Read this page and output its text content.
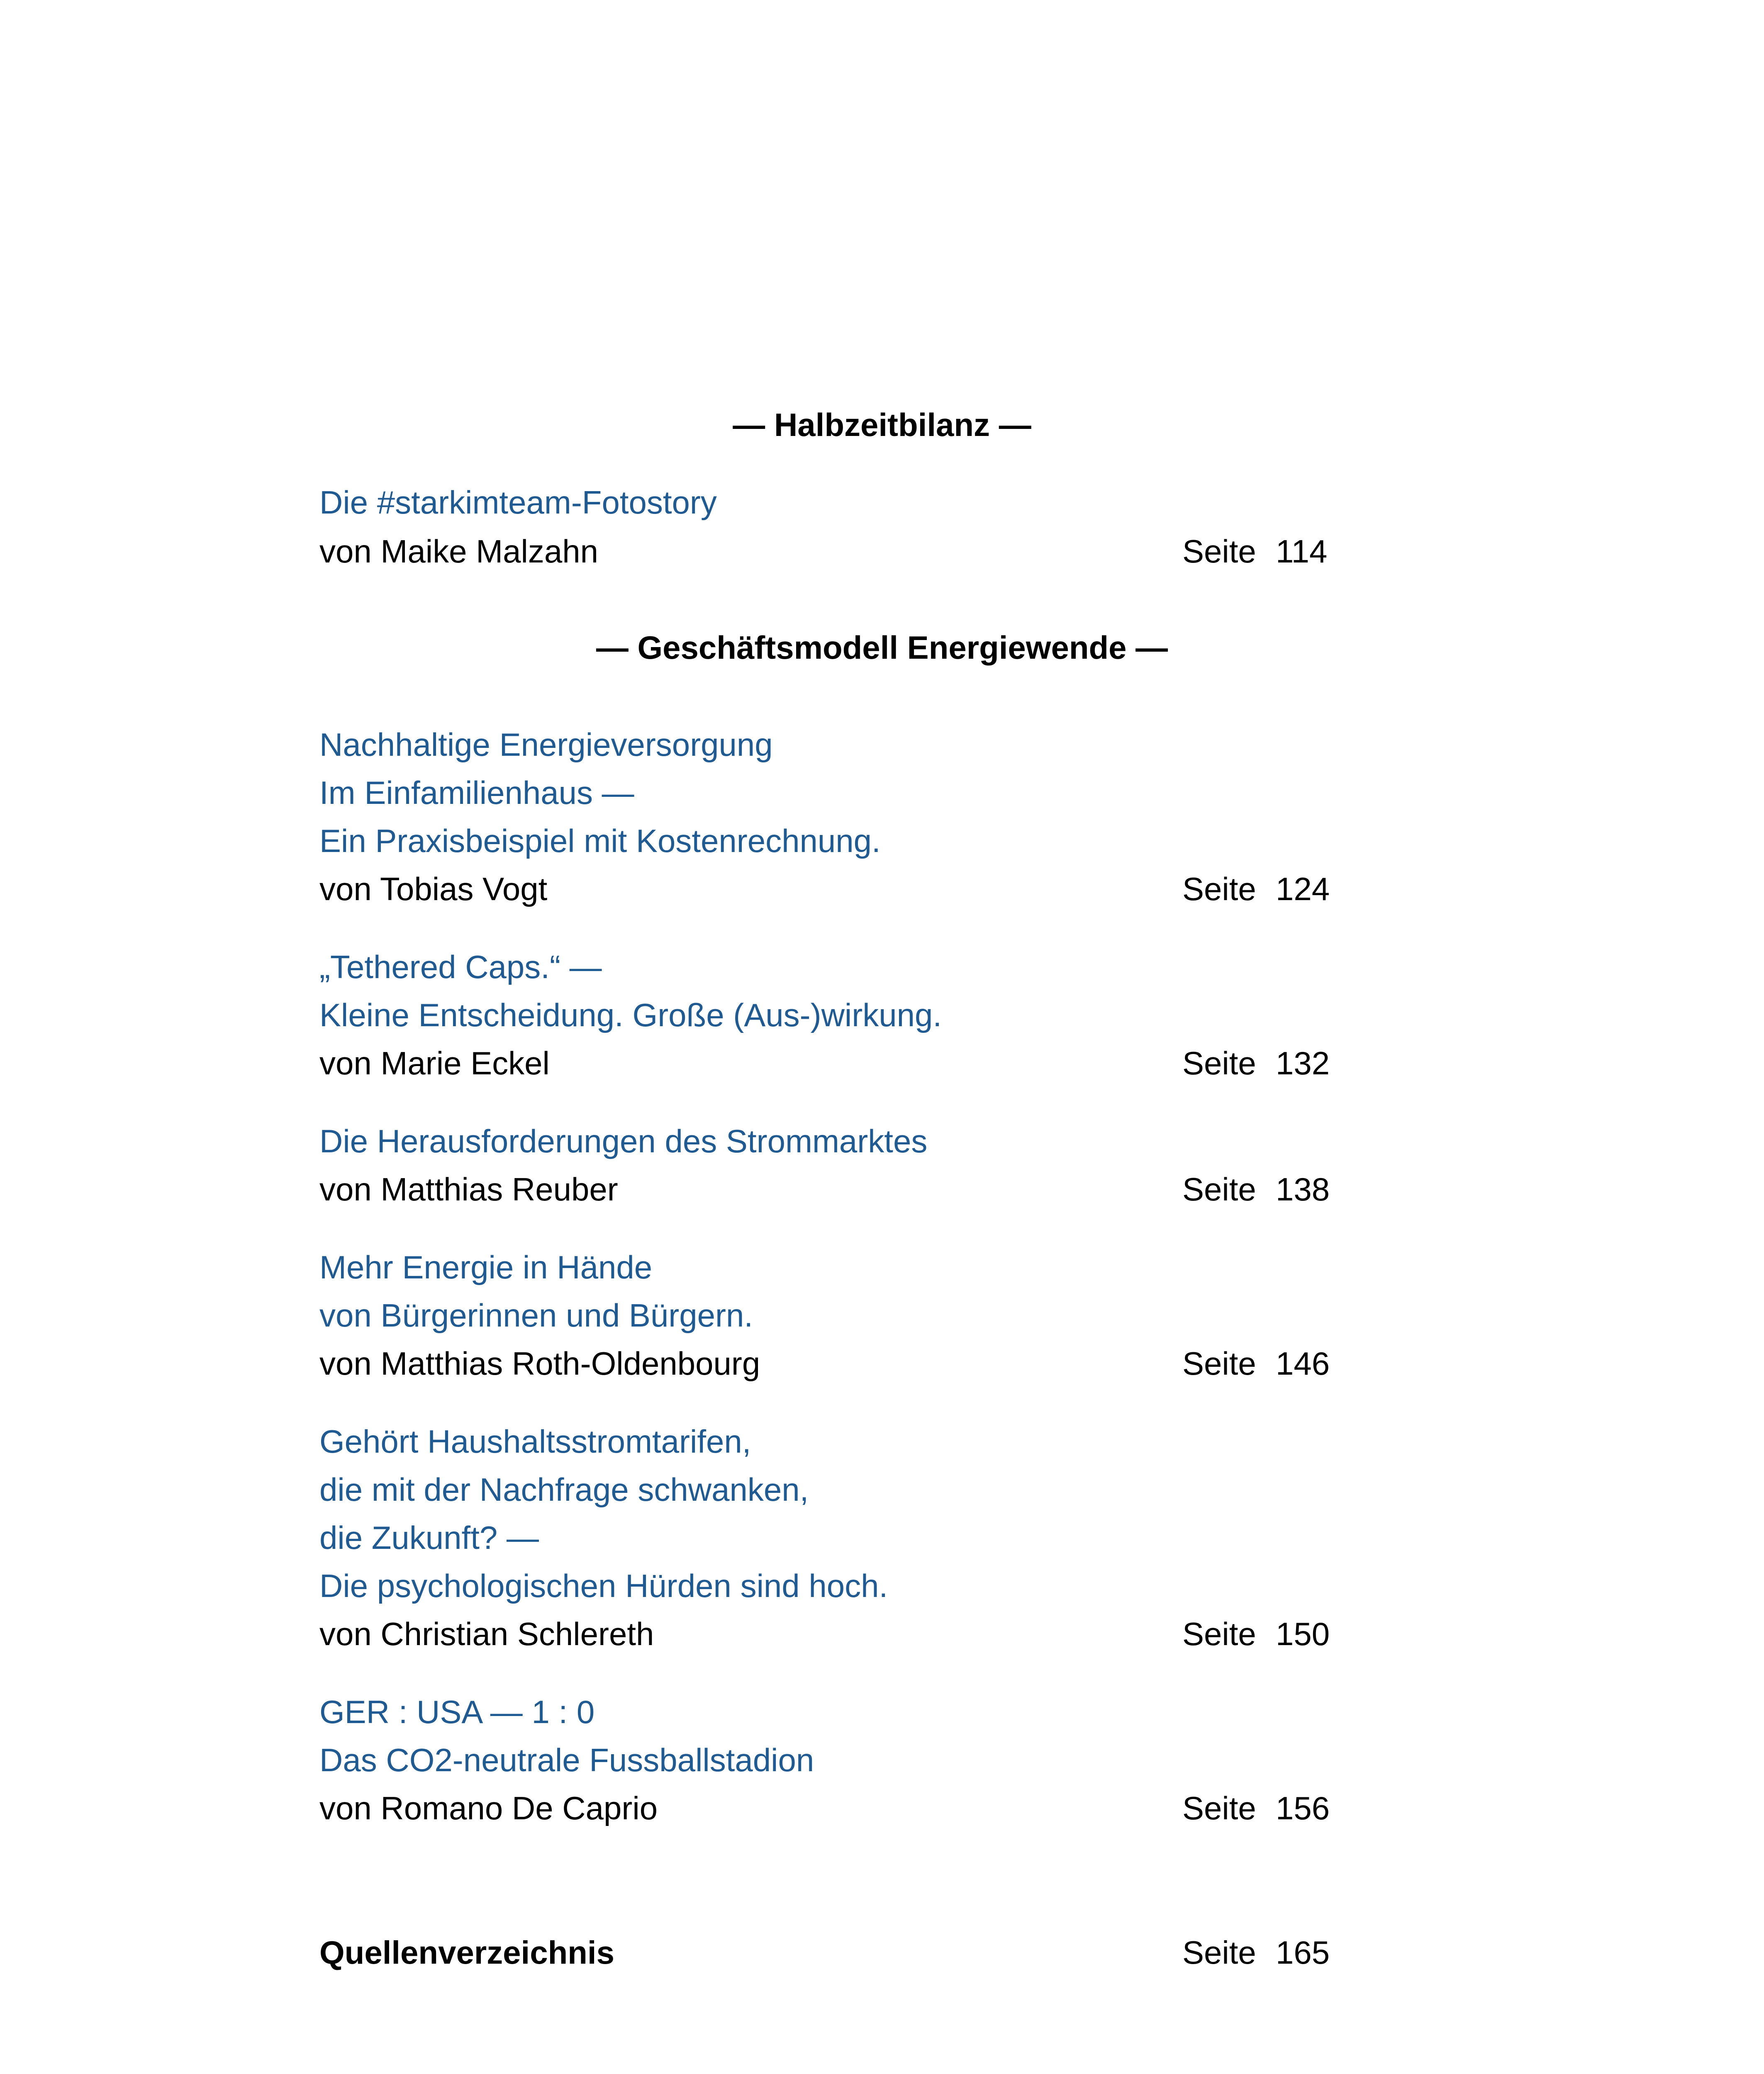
— Halbzeitbilanz —
Die #starkimteam-Fotostory
von Maike Malzahn	Seite 114
— Geschäftsmodell Energiewende —
Nachhaltige Energieversorgung
Im Einfamilienhaus —
Ein Praxisbeispiel mit Kostenrechnung.
von Tobias Vogt	Seite 124
„Tethered Caps.“ —
Kleine Entscheidung. Große (Aus-)wirkung.
von Marie Eckel	Seite 132
Die Herausforderungen des Strommarktes
von Matthias Reuber	Seite 138
Mehr Energie in Hände
von Bürgerinnen und Bürgern.
von Matthias Roth-Oldenbourg	Seite 146
Gehört Haushaltsstromtarifen,
die mit der Nachfrage schwanken,
die Zukunft? —
Die psychologischen Hürden sind hoch.
von Christian Schlereth	Seite 150
GER : USA — 1 : 0
Das CO2-neutrale Fussballstadion
von Romano De Caprio	Seite 156
Quellenverzeichnis	Seite 165
